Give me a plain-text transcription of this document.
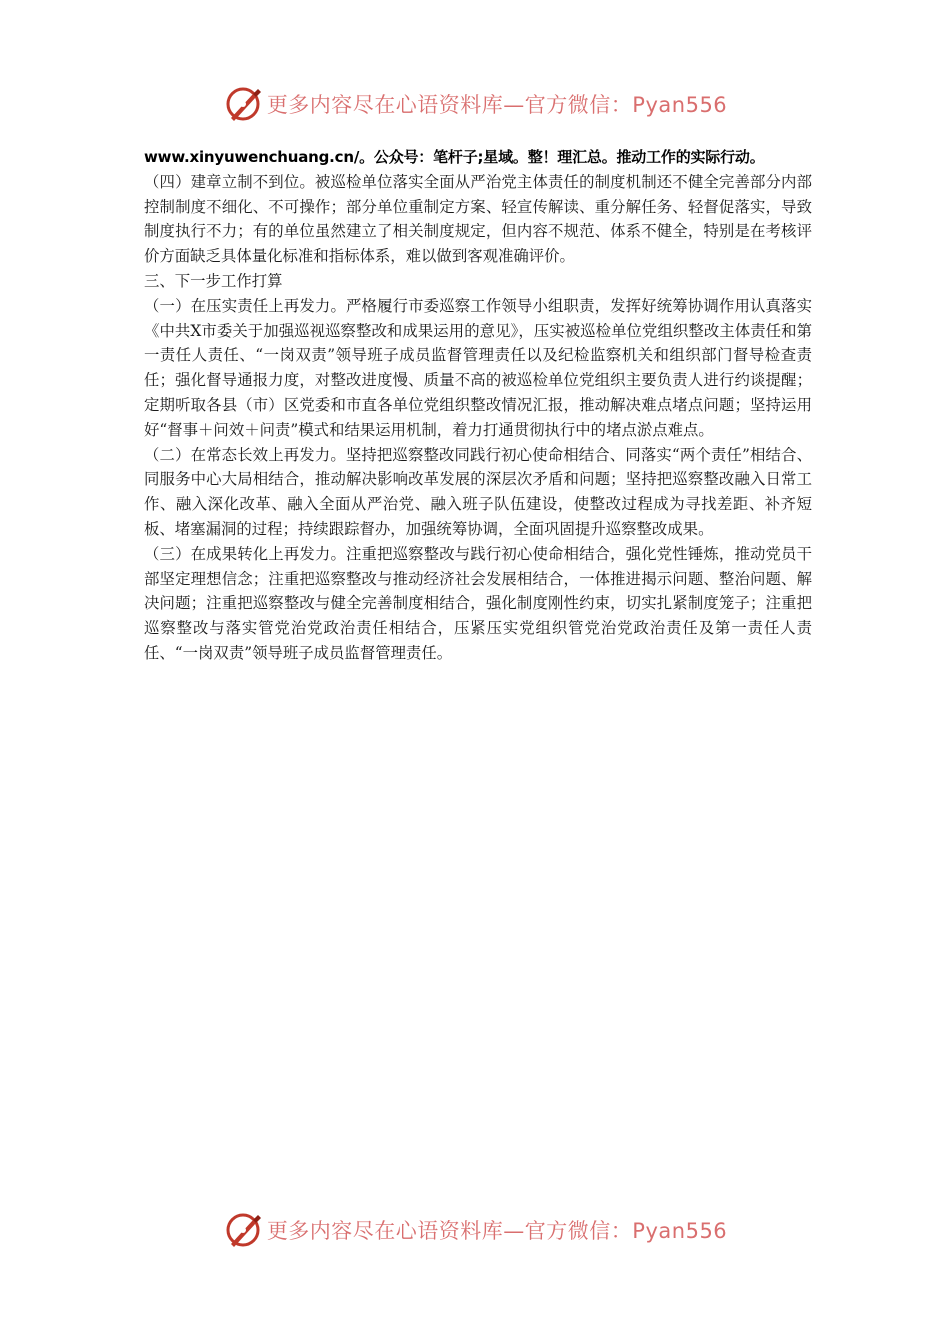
更多内容尽在心语资料库—官方微信：Pyan556
www.xinyuwenchuang.cn/。公众号：笔杆子;星域。整！理汇总。推动工作的实际行动。

（四）建章立制不到位。被巡检单位落实全面从严治党主体责任的制度机制还不健全完善部分内部控制制度不细化、不可操作；部分单位重制定方案、轻宣传解读、重分解任务、轻督促落实，导致制度执行不力；有的单位虽然建立了相关制度规定，但内容不规范、体系不健全，特别是在考核评价方面缺乏具体量化标准和指标体系，难以做到客观准确评价。

三、下一步工作打算

（一）在压实责任上再发力。严格履行市委巡察工作领导小组职责，发挥好统筹协调作用认真落实《中共X市委关于加强巡视巡察整改和成果运用的意见》，压实被巡检单位党组织整改主体责任和第一责任人责任、“一岗双责”领导班子成员监督管理责任以及纪检监察机关和组织部门督导检查责任；强化督导通报力度，对整改进度慢、质量不高的被巡检单位党组织主要负责人进行约谈提醒；定期听取各县（市）区党委和市直各单位党组织整改情况汇报，推动解决难点堵点问题；坚持运用好“督事＋问效＋问责”模式和结果运用机制，着力打通贯彻执行中的堵点淤点难点。

（二）在常态长效上再发力。坚持把巡察整改同践行初心使命相结合、同落实“两个责任”相结合、同服务中心大局相结合，推动解决影响改革发展的深层次矛盾和问题；坚持把巡察整改融入日常工作、融入深化改革、融入全面从严治党、融入班子队伍建设，使整改过程成为寻找差距、补齐短板、堵塞漏洞的过程；持续跟踪督办，加强统筹协调，全面巩固提升巡察整改成果。

（三）在成果转化上再发力。注重把巡察整改与践行初心使命相结合，强化党性锤炼，推动党员干部坚定理想信念；注重把巡察整改与推动经济社会发展相结合，一体推进揭示问题、整治问题、解决问题；注重把巡察整改与健全完善制度相结合，强化制度刚性约束，切实扎紧制度笼子；注重把巡察整改与落实管党治党政治责任相结合，压紧压实党组织管党治党政治责任及第一责任人责任、“一岗双责”领导班子成员监督管理责任。

更多内容尽在心语资料库—官方微信：Pyan556
